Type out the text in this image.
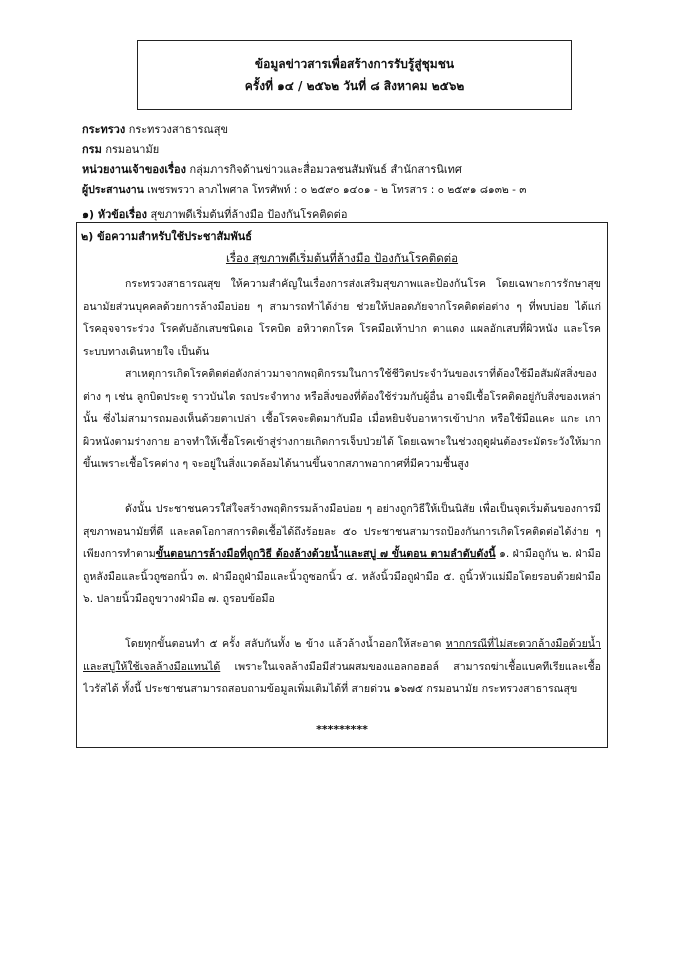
ข้อมูลข่าวสารเพื่อสร้างการรับรู้สู่ชุมชน
ครั้งที่ ๑๔ / ๒๕๖๒ วันที่ ๘ สิงหาคม ๒๕๖๒
กระทรวง กระทรวงสาธารณสุข
กรม กรมอนามัย
หน่วยงานเจ้าของเรื่อง กลุ่มภารกิจด้านข่าวและสื่อมวลชนสัมพันธ์ สำนักสารนิเทศ
ผู้ประสานงาน เพชรพรวา ลาภไพศาล โทรศัพท์ : ๐ ๒๕๙๐ ๑๔๐๑ - ๒ โทรสาร : ๐ ๒๕๙๑ ๘๑๓๒ - ๓
๑) หัวข้อเรื่อง สุขภาพดีเริ่มต้นที่ล้างมือ ป้องกันโรคติดต่อ
๒) ข้อความสำหรับใช้ประชาสัมพันธ์
เรื่อง สุขภาพดีเริ่มต้นที่ล้างมือ ป้องกันโรคติดต่อ

กระทรวงสาธารณสุข ให้ความสำคัญในเรื่องการส่งเสริมสุขภาพและป้องกันโรค โดยเฉพาะการรักษาสุขอนามัยส่วนบุคคลด้วยการล้างมือบ่อย ๆ สามารถทำได้ง่าย ช่วยให้ปลอดภัยจากโรคติดต่อต่าง ๆ ที่พบบ่อย ได้แก่ โรคอุจจาระร่วง โรคตับอักเสบชนิดเอ โรคบิด อหิวาตกโรค โรคมือเท้าปาก ตาแดง แผลอักเสบที่ผิวหนัง และโรคระบบทางเดินหายใจ เป็นต้น

สาเหตุการเกิดโรคติดต่อดังกล่าวมาจากพฤติกรรมในการใช้ชีวิตประจำวันของเราที่ต้องใช้มือสัมผัสสิ่งของต่าง ๆ เช่น ลูกบิดประตู ราวบันได รถประจำทาง หรือสิ่งของที่ต้องใช้ร่วมกับผู้อื่น อาจมีเชื้อโรคติดอยู่กับสิ่งของเหล่านั้น ซึ่งไม่สามารถมองเห็นด้วยตาเปล่า เชื้อโรคจะติดมากับมือ เมื่อหยิบจับอาหารเข้าปาก หรือใช้มือแคะ แกะ เกาผิวหนังตามร่างกาย อาจทำให้เชื้อโรคเข้าสู่ร่างกายเกิดการเจ็บป่วยได้ โดยเฉพาะในช่วงฤดูฝนต้องระมัดระวังให้มากขึ้นเพราะเชื้อโรคต่าง ๆ จะอยู่ในสิ่งแวดล้อมได้นานขึ้นจากสภาพอากาศที่มีความชื้นสูง

ดังนั้น ประชาชนควรใส่ใจสร้างพฤติกรรมล้างมือบ่อย ๆ อย่างถูกวิธีให้เป็นนิสัย เพื่อเป็นจุดเริ่มต้นของการมีสุขภาพอนามัยที่ดี และลดโอกาสการติดเชื้อได้ถึงร้อยละ ๕๐ ประชาชนสามารถป้องกันการเกิดโรคติดต่อได้ง่าย ๆ เพียงการทำตามขั้นตอนการล้างมือที่ถูกวิธี ต้องล้างด้วยน้ำและสบู่ ๗ ขั้นตอน ตามลำดับดังนี้ ๑. ฝ่ามือถูกัน ๒. ฝ่ามือถูหลังมือและนิ้วถูซอกนิ้ว ๓. ฝ่ามือถูฝ่ามือและนิ้วถูซอกนิ้ว ๔. หลังนิ้วมือถูฝ่ามือ ๕. ถูนิ้วหัวแม่มือโดยรอบด้วยฝ่ามือ ๖. ปลายนิ้วมือถูขวางฝ่ามือ ๗. ถูรอบข้อมือ

โดยทุกขั้นตอนทำ ๕ ครั้ง สลับกันทั้ง ๒ ข้าง แล้วล้างน้ำออกให้สะอาด หากกรณีที่ไม่สะดวกล้างมือด้วยน้ำและสบู่ให้ใช้เจลล้างมือแทนได้ เพราะในเจลล้างมือมีส่วนผสมของแอลกอฮอล์ สามารถฆ่าเชื้อแบคทีเรียและเชื้อไวรัสได้ ทั้งนี้ ประชาชนสามารถสอบถามข้อมูลเพิ่มเติมได้ที่ สายด่วน ๑๖๗๕ กรมอนามัย กระทรวงสาธารณสุข

*********
